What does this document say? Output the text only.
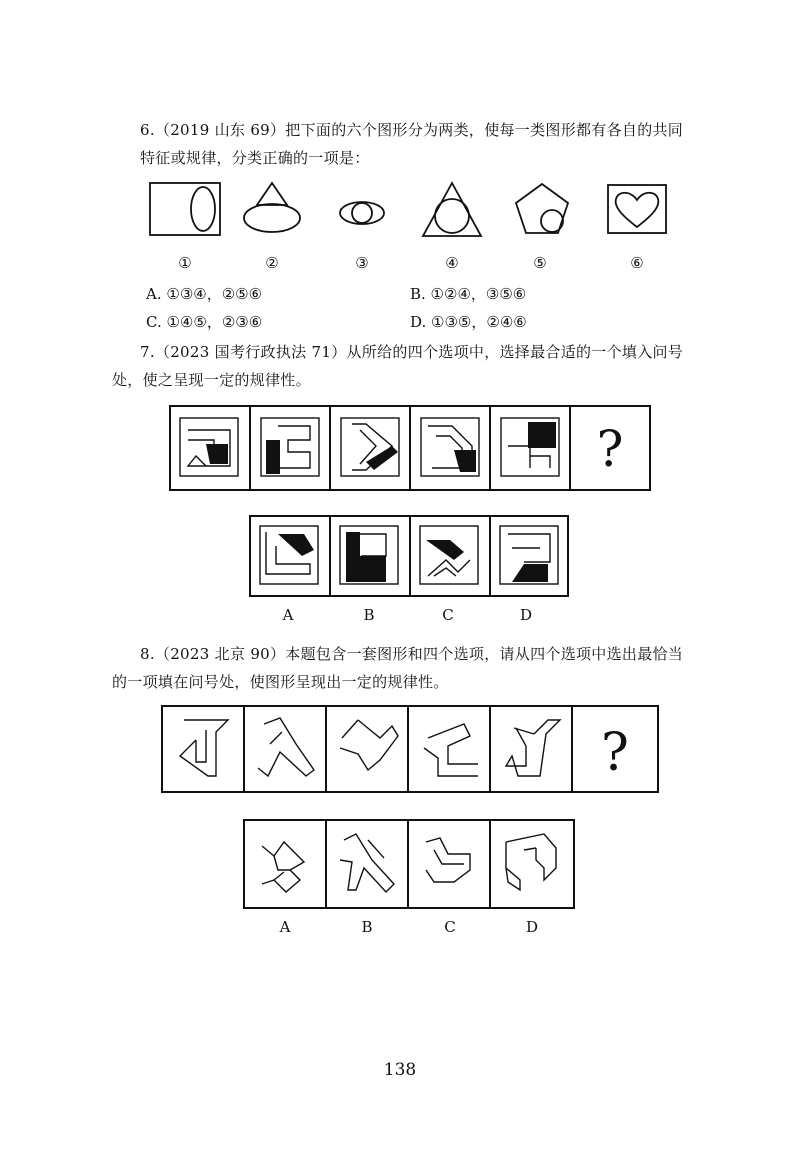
6.（2019 山东 69）把下面的六个图形分为两类，使每一类图形都有各自的共同
特征或规律，分类正确的一项是：
①	②	③	④	⑤	⑥
A. ①③④，②⑤⑥	B. ①②④，③⑤⑥
C. ①④⑤，②③⑥	D. ①③⑤，②④⑥
7.（2023 国考行政执法 71）从所给的四个选项中，选择最合适的一个填入问号
处，使之呈现一定的规律性。
?
A	B	C	D
8.（2023 北京 90）本题包含一套图形和四个选项，请从四个选项中选出最恰当
的一项填在问号处，使图形呈现出一定的规律性。
?
A	B	C	D
138
